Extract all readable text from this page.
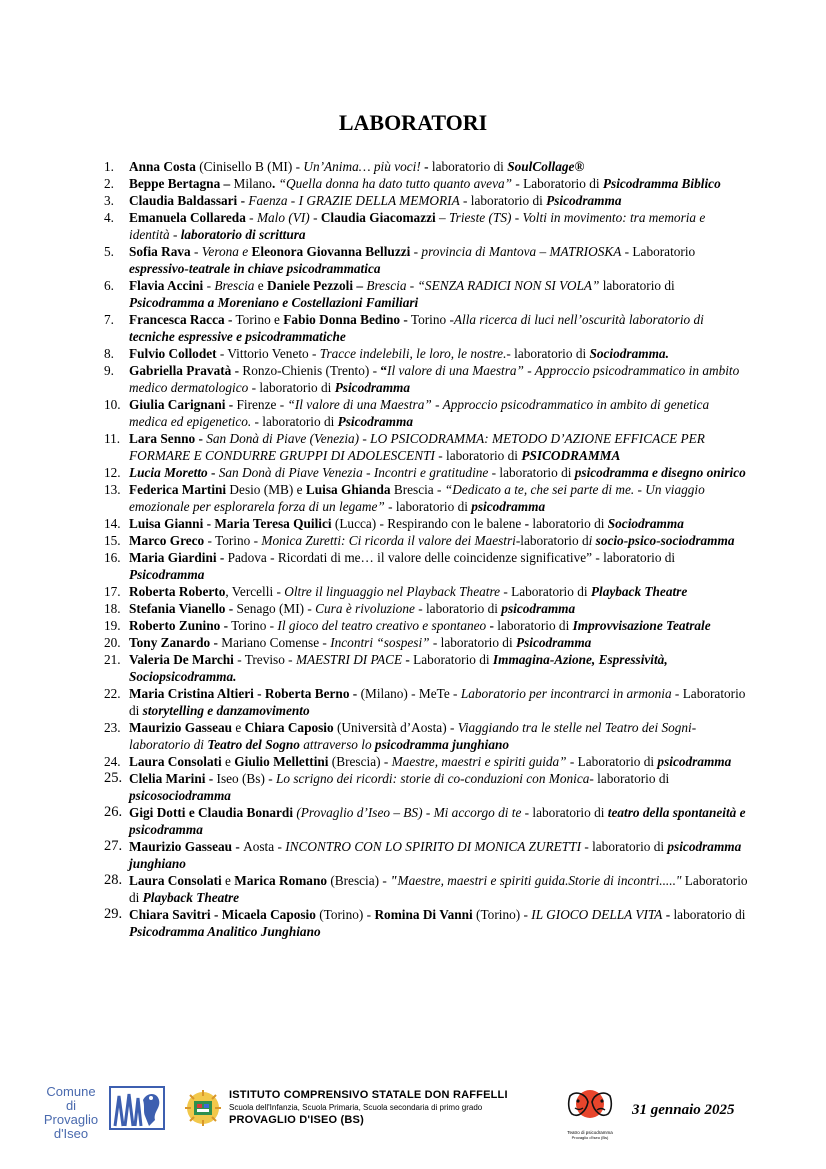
LABORATORI
1. Anna Costa (Cinisello B (MI) - Un’Anima… più voci! - laboratorio di SoulCollage®
2. Beppe Bertagna – Milano. “Quella donna ha dato tutto quanto aveva” - Laboratorio di Psicodramma Biblico
3. Claudia Baldassari - Faenza - I GRAZIE DELLA MEMORIA - laboratorio di Psicodramma
4. Emanuela Collareda - Malo (VI) - Claudia Giacomazzi – Trieste (TS) - Volti in movimento: tra memoria e identità - laboratorio di scrittura
5. Sofia Rava - Verona e Eleonora Giovanna Belluzzi - provincia di Mantova – MATRIOSKA - Laboratorio espressivo-teatrale in chiave psicodrammatica
6. Flavia Accini - Brescia e Daniele Pezzoli – Brescia - “SENZA RADICI NON SI VOLA” laboratorio di Psicodramma a Moreniano e Costellazioni Familiari
7. Francesca Racca - Torino e Fabio Donna Bedino - Torino -Alla ricerca di luci nell’oscurità laboratorio di tecniche espressive e psicodrammatiche
8. Fulvio Collodet - Vittorio Veneto - Tracce indelebili, le loro, le nostre.- laboratorio di Sociodramma.
9. Gabriella Pravatà - Ronzo-Chienis (Trento) - “Il valore di una Maestra” - Approccio psicodrammatico in ambito medico dermatologico - laboratorio di Psicodramma
10. Giulia Carignani - Firenze - “Il valore di una Maestra” - Approccio psicodrammatico in ambito di genetica medica ed epigenetico. - laboratorio di Psicodramma
11. Lara Senno - San Donà di Piave (Venezia) - LO PSICODRAMMA: METODO D’AZIONE EFFICACE PER FORMARE E CONDURRE GRUPPI DI ADOLESCENTI - laboratorio di PSICODRAMMA
12. Lucia Moretto - San Donà di Piave Venezia - Incontri e gratitudine - laboratorio di psicodramma e disegno onirico
13. Federica Martini Desio (MB) e Luisa Ghianda Brescia - “Dedicato a te, che sei parte di me. - Un viaggio emozionale per esplorarela forza di un legame” - laboratorio di psicodramma
14. Luisa Gianni - Maria Teresa Quilici (Lucca) - Respirando con le balene - laboratorio di Sociodramma
15. Marco Greco - Torino - Monica Zuretti: Ci ricorda il valore dei Maestri-laboratorio di socio-psico-sociodramma
16. Maria Giardini - Padova - Ricordati di me… il valore delle coincidenze significative” - laboratorio di Psicodramma
17. Roberta Roberto, Vercelli - Oltre il linguaggio nel Playback Theatre - Laboratorio di Playback Theatre
18. Stefania Vianello - Senago (MI) - Cura è rivoluzione - laboratorio di psicodramma
19. Roberto Zunino - Torino - Il gioco del teatro creativo e spontaneo - laboratorio di Improvvisazione Teatrale
20. Tony Zanardo - Mariano Comense - Incontri “sospesi” - laboratorio di Psicodramma
21. Valeria De Marchi - Treviso - MAESTRI DI PACE - Laboratorio di Immagina-Azione, Espressività, Sociopsicodramma.
22. Maria Cristina Altieri - Roberta Berno - (Milano) - MeTe - Laboratorio per incontrarci in armonia - Laboratorio di storytelling e danzamovimento
23. Maurizio Gasseau e Chiara Caposio (Università d’Aosta) - Viaggiando tra le stelle nel Teatro dei Sogni- laboratorio di Teatro del Sogno attraverso lo psicodramma junghiano
24. Laura Consolati e Giulio Mellettini (Brescia) - Maestre, maestri e spiriti guida” - Laboratorio di psicodramma
25. Clelia Marini - Iseo (Bs) - Lo scrigno dei ricordi: storie di co-conduzioni con Monica- laboratorio di psicosociodramma
26. Gigi Dotti e Claudia Bonardi (Provaglio d’Iseo – BS) - Mi accorgo di te - laboratorio di teatro della spontaneità e psicodramma
27. Maurizio Gasseau - Aosta - INCONTRO CON LO SPIRITO DI MONICA ZURETTI - laboratorio di psicodramma junghiano
28. Laura Consolati e Marica Romano (Brescia) - "Maestre, maestri e spiriti guida.Storie di incontri....." Laboratorio di Playback Theatre
29. Chiara Savitri - Micaela Caposio (Torino) - Romina Di Vanni (Torino) - IL GIOCO DELLA VITA - laboratorio di Psicodramma Analitico Junghiano
Comune di
Provaglio
d'Iseo
ISTITUTO COMPRENSIVO STATALE DON RAFFELLI
Scuola dell'Infanzia, Scuola Primaria, Scuola secondaria di primo grado
PROVAGLIO D'ISEO (BS)
Teatro di psicodramma
Provaglio d'Iseo (Bs)
31 gennaio 2025
